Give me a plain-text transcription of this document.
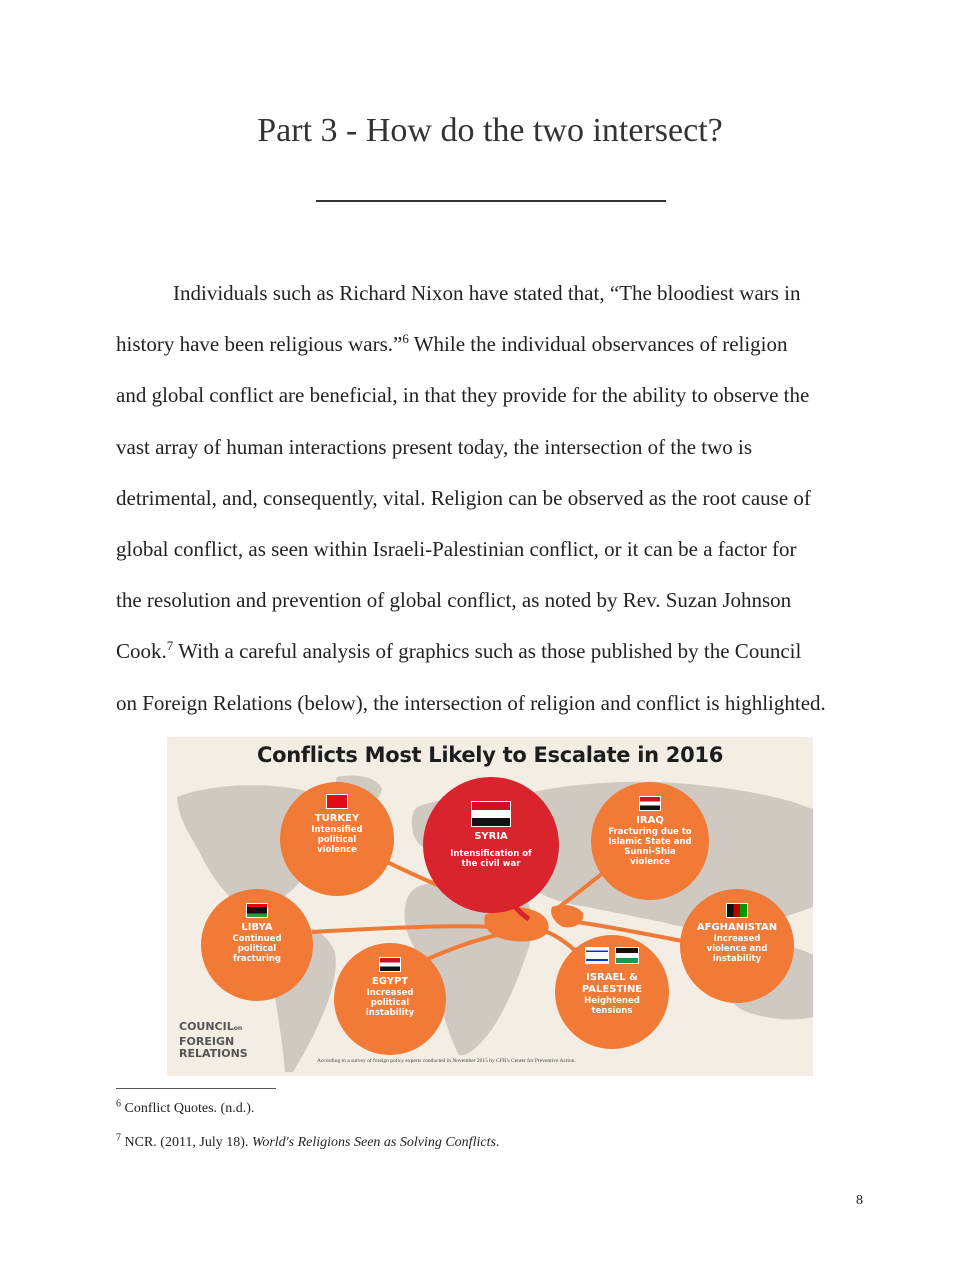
Part 3 - How do the two intersect?

Individuals such as Richard Nixon have stated that, “The bloodiest wars in

history have been religious wars.”$^6$ While the individual observances of religion

and global conflict are beneficial, in that they provide for the ability to observe the

vast array of human interactions present today, the intersection of the two is

detrimental, and, consequently, vital. Religion can be observed as the root cause of

global conflict, as seen within Israeli-Palestinian conflict, or it can be a factor for

the resolution and prevention of global conflict, as noted by Rev. Suzan Johnson

Cook.$^7$ With a careful analysis of graphics such as those published by the Council

on Foreign Relations (below), the intersection of religion and conflict is highlighted.

Conflicts Most Likely to Escalate in 2016
TURKEY
Intensified political violence
SYRIA
Intensification of the civil war
IRAQ
Fracturing due to Islamic State and Sunni-Shia violence
LIBYA
Continued political fracturing
EGYPT
Increased political instability

ISRAEL & PALESTINE
Heightened tensions
AFGHANISTAN
Increased violence and instability
COUNCILon
FOREIGN
RELATIONS
According to a survey of foreign policy experts conducted in November 2015 by CFR's Center for Preventive Action.
$^6$ Conflict Quotes. (n.d.).
$^7$ NCR. (2011, July 18). World's Religions Seen as Solving Conflicts.
8
